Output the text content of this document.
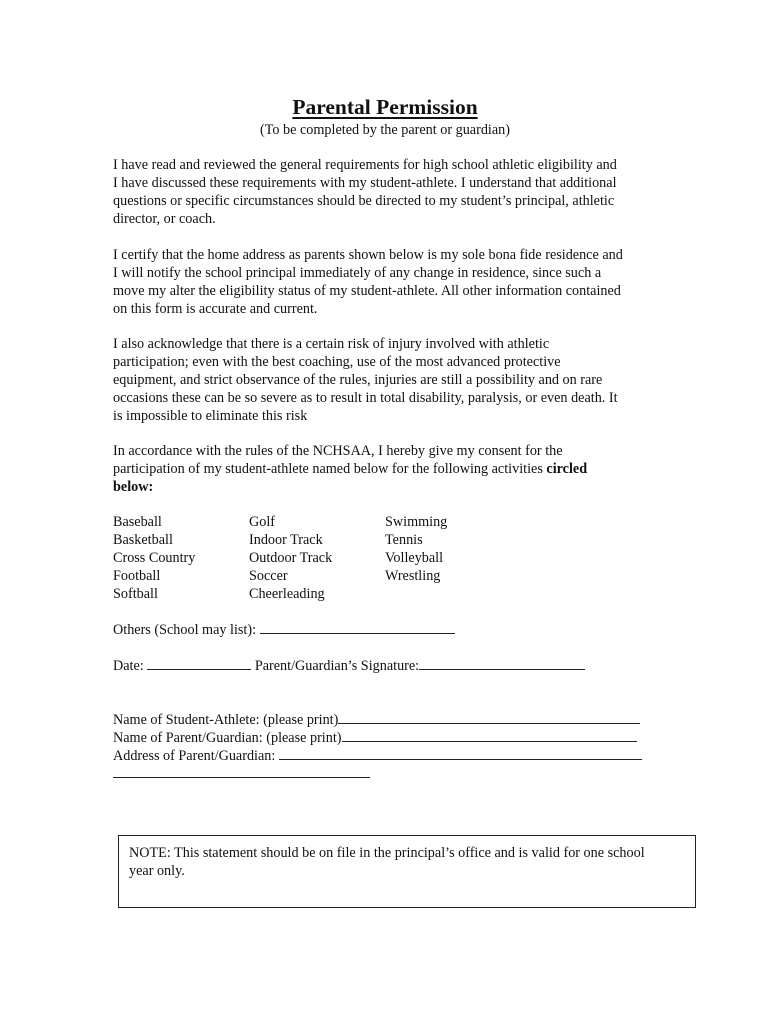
Parental Permission
(To be completed by the parent or guardian)

I have read and reviewed the general requirements for high school athletic eligibility and
I have discussed these requirements with my student-athlete. I understand that additional
questions or specific circumstances should be directed to my student’s principal, athletic
director, or coach.

I certify that the home address as parents shown below is my sole bona fide residence and
I will notify the school principal immediately of any change in residence, since such a
move my alter the eligibility status of my student-athlete. All other information contained
on this form is accurate and current.

I also acknowledge that there is a certain risk of injury involved with athletic
participation; even with the best coaching, use of the most advanced protective
equipment, and strict observance of the rules, injuries are still a possibility and on rare
occasions these can be so severe as to result in total disability, paralysis, or even death. It
is impossible to eliminate this risk

In accordance with the rules of the NCHSAA, I hereby give my consent for the
participation of my student-athlete named below for the following activities circled
below:

Baseball
Basketball
Cross Country
Football
Softball
Golf
Indoor Track
Outdoor Track
Soccer
Cheerleading
Swimming
Tennis
Volleyball
Wrestling
Others (School may list):
Date:	Parent/Guardian’s Signature:
Name of Student-Athlete: (please print)
Name of Parent/Guardian: (please print)
Address of Parent/Guardian:
NOTE: This statement should be on file in the principal’s office and is valid for one school
year only.
